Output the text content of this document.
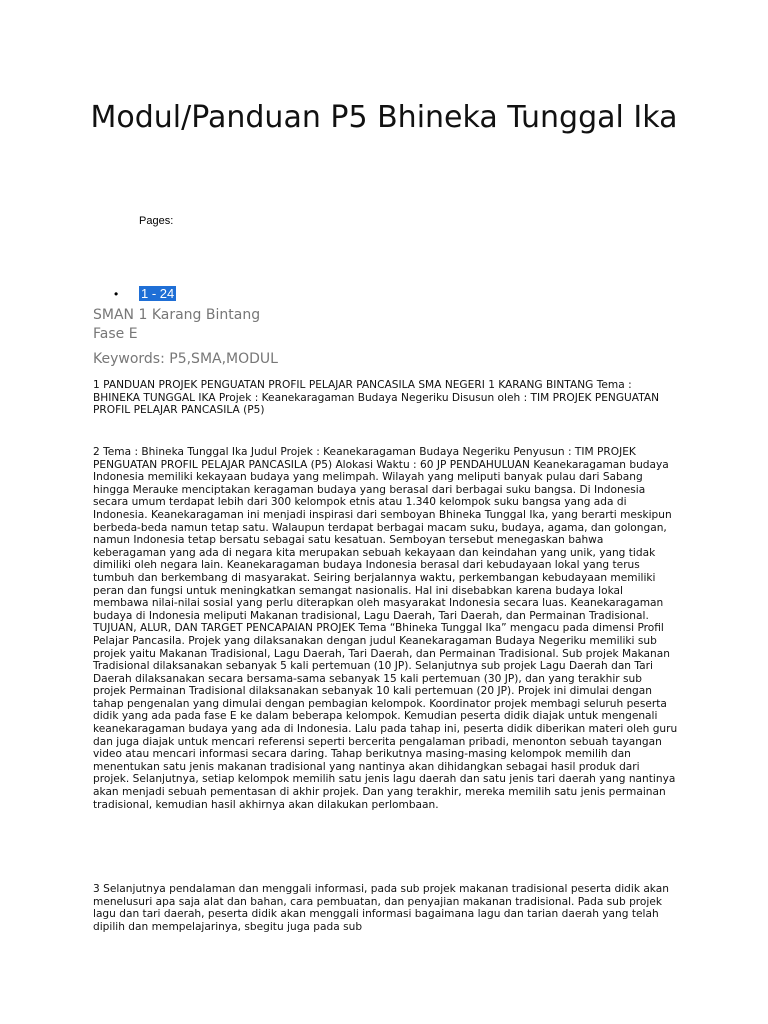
Modul/Panduan P5 Bhineka Tunggal Ika
Pages:
• 1 - 24
SMAN 1 Karang Bintang
Fase E
Keywords: P5,SMA,MODUL

1 PANDUAN PROJEK PENGUATAN PROFIL PELAJAR PANCASILA SMA NEGERI 1 KARANG BINTANG Tema : BHINEKA TUNGGAL IKA Projek : Keanekaragaman Budaya Negeriku Disusun oleh : TIM PROJEK PENGUATAN PROFIL PELAJAR PANCASILA (P5)

2 Tema : Bhineka Tunggal Ika Judul Projek : Keanekaragaman Budaya Negeriku Penyusun : TIM PROJEK PENGUATAN PROFIL PELAJAR PANCASILA (P5) Alokasi Waktu : 60 JP PENDAHULUAN Keanekaragaman budaya Indonesia memiliki kekayaan budaya yang melimpah. Wilayah yang meliputi banyak pulau dari Sabang hingga Merauke menciptakan keragaman budaya yang berasal dari berbagai suku bangsa. Di Indonesia secara umum terdapat lebih dari 300 kelompok etnis atau 1.340 kelompok suku bangsa yang ada di Indonesia. Keanekaragaman ini menjadi inspirasi dari semboyan Bhineka Tunggal Ika, yang berarti meskipun berbeda-beda namun tetap satu. Walaupun terdapat berbagai macam suku, budaya, agama, dan golongan, namun Indonesia tetap bersatu sebagai satu kesatuan. Semboyan tersebut menegaskan bahwa keberagaman yang ada di negara kita merupakan sebuah kekayaan dan keindahan yang unik, yang tidak dimiliki oleh negara lain. Keanekaragaman budaya Indonesia berasal dari kebudayaan lokal yang terus tumbuh dan berkembang di masyarakat. Seiring berjalannya waktu, perkembangan kebudayaan memiliki peran dan fungsi untuk meningkatkan semangat nasionalis. Hal ini disebabkan karena budaya lokal membawa nilai-nilai sosial yang perlu diterapkan oleh masyarakat Indonesia secara luas. Keanekaragaman budaya di Indonesia meliputi Makanan tradisional, Lagu Daerah, Tari Daerah, dan Permainan Tradisional. TUJUAN, ALUR, DAN TARGET PENCAPAIAN PROJEK Tema “Bhineka Tunggal Ika” mengacu pada dimensi Profil Pelajar Pancasila. Projek yang dilaksanakan dengan judul Keanekaragaman Budaya Negeriku memiliki sub projek yaitu Makanan Tradisional, Lagu Daerah, Tari Daerah, dan Permainan Tradisional. Sub projek Makanan Tradisional dilaksanakan sebanyak 5 kali pertemuan (10 JP). Selanjutnya sub projek Lagu Daerah dan Tari Daerah dilaksanakan secara bersama-sama sebanyak 15 kali pertemuan (30 JP), dan yang terakhir sub projek Permainan Tradisional dilaksanakan sebanyak 10 kali pertemuan (20 JP). Projek ini dimulai dengan tahap pengenalan yang dimulai dengan pembagian kelompok. Koordinator projek membagi seluruh peserta didik yang ada pada fase E ke dalam beberapa kelompok. Kemudian peserta didik diajak untuk mengenali keanekaragaman budaya yang ada di Indonesia. Lalu pada tahap ini, peserta didik diberikan materi oleh guru dan juga diajak untuk mencari referensi seperti bercerita pengalaman pribadi, menonton sebuah tayangan video atau mencari informasi secara daring. Tahap berikutnya masing-masing kelompok memilih dan menentukan satu jenis makanan tradisional yang nantinya akan dihidangkan sebagai hasil produk dari projek. Selanjutnya, setiap kelompok memilih satu jenis lagu daerah dan satu jenis tari daerah yang nantinya akan menjadi sebuah pementasan di akhir projek. Dan yang terakhir, mereka memilih satu jenis permainan tradisional, kemudian hasil akhirnya akan dilakukan perlombaan.

3 Selanjutnya pendalaman dan menggali informasi, pada sub projek makanan tradisional peserta didik akan menelusuri apa saja alat dan bahan, cara pembuatan, dan penyajian makanan tradisional. Pada sub projek lagu dan tari daerah, peserta didik akan menggali informasi bagaimana lagu dan tarian daerah yang telah dipilih dan mempelajarinya, sbegitu juga pada sub
